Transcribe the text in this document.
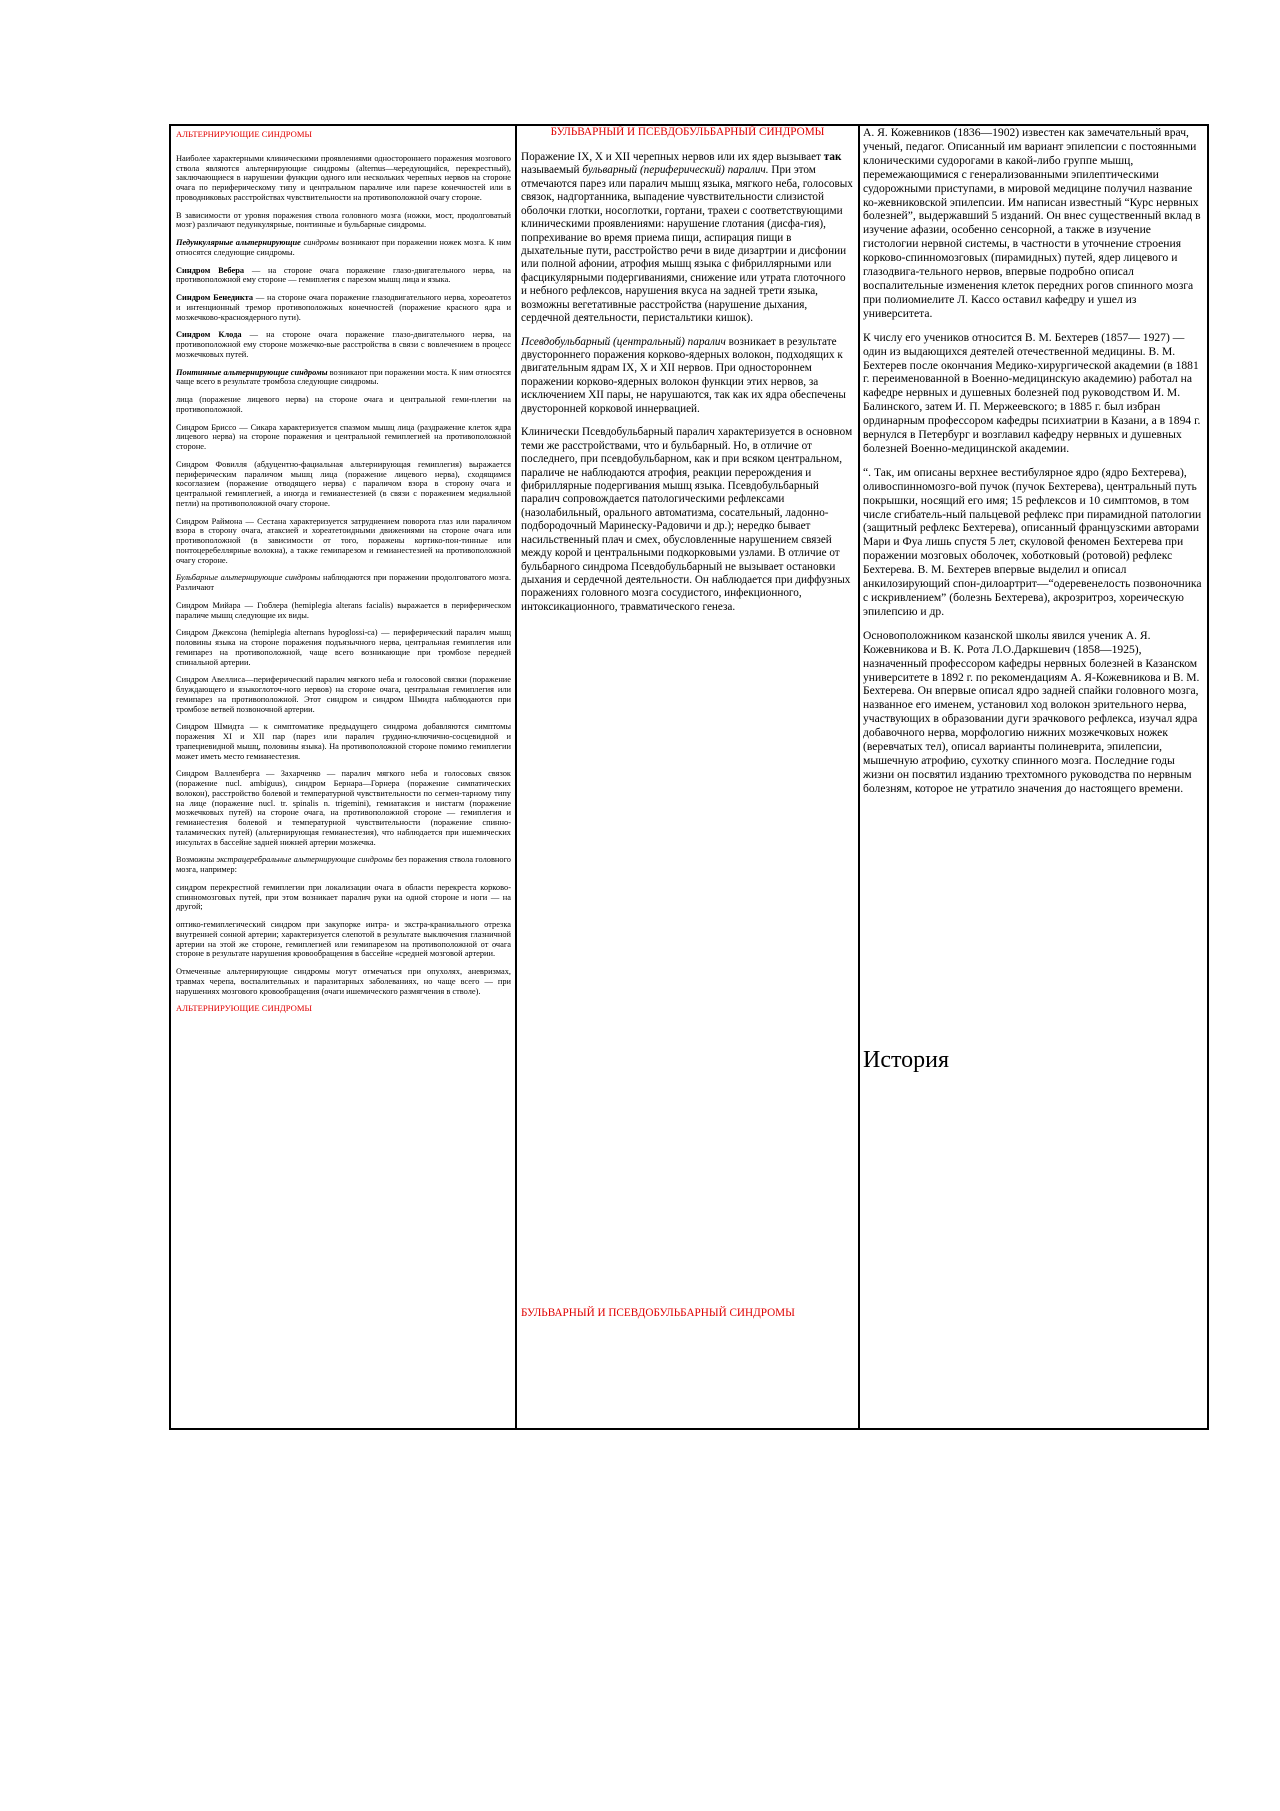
АЛЬТЕРНИРУЮЩИЕ СИНДРОМЫ

Наиболее характерными клиническими проявлениями одностороннего поражения мозгового ствола являются альтернирующие синдромы (alternus—чередующийся, перекрестный), заключающиеся в нарушении функции одного или нескольких черепных нервов на стороне очага по периферическому типу и центральном параличе или парезе конечностей или в проводниковых расстройствах чувствительности на противоположной очагу стороне.

В зависимости от уровня поражения ствола головного мозга (ножки, мост, продолговатый мозг) различают педункулярные, понтинные и бульбарные синдромы.

Педункулярные альтернирующие синдромы возникают при поражении ножек мозга. К ним относятся следующие синдромы.

Синдром Вебера — на стороне очага поражение глазо-двигательного нерва, на противоположной ему стороне — гемиплегия с парезом мышц лица и языка.

Синдром Бенедикта — на стороне очага поражение глазодвигательного нерва, хореоатетоз и интенционный тремор противоположных конечностей (поражение красного ядра и мозжечково-красноядерного пути).

Синдром Клода — на стороне очага поражение глазо-двигательного нерва, на противоположной ему стороне мозжечко-вые расстройства в связи с вовлечением в процесс мозжечковых путей.

Понтинные альтернирующие синдромы возникают при поражении моста. К ним относятся чаще всего в результате тромбоза следующие синдромы.

лица (поражение лицевого нерва) на стороне очага и центральной геми-плегии на противоположной.

Синдром Бриссо — Сикара характеризуется спазмом мышц лица (раздражение клеток ядра лицевого нерва) на стороне поражения и центральной гемиплегией на противоположной стороне.

Синдром Фовилля (абдуцентно-фациальная альтернирующая гемиплегия) выражается периферическим параличом мышц лица (поражение лицевого нерва), сходящимся косоглазием (поражение отводящего нерва) с параличом взора в сторону очага и центральной гемиплегией, а иногда и гемианестезией (в связи с поражением медиальной петли) на противоположной очагу стороне.

Синдром Раймона — Сестана характеризуется затруднением поворота глаз или параличом взора в сторону очага, атаксией и хореатетоидными движениями на стороне очага или противоположной (в зависимости от того, поражены кортико-пон-тинные или понтоцеребеллярные волокна), а также гемипарезом и гемианестезией на противоположной очагу стороне.

Бульбарные альтернирующие синдромы наблюдаются при поражении продолговатого мозга. Различают

Синдром Мийара — Гюблера (hemiplegia alterans facialis) выражается в периферическом параличе мышц следующие их виды.

Синдром Джексона (hemiplegia alternans hypoglossi-ca) — периферический паралич мышц половины языка на стороне поражения подъязычного нерва, центральная гемиплегия или гемипарез на противоположной, чаще всего возникающие при тромбозе передней спинальной артерии.

Синдром Авеллиса—периферический паралич мягкого неба и голосовой связки (поражение блуждающего и языкоглоточ-ного нервов) на стороне очага, центральная гемиплегия или гемипарез на противоположной. Этот синдром и синдром Шмидта наблюдаются при тромбозе ветвей позвоночной артерии.

Синдром Шмидта — к симптоматике предыдущего синдрома добавляются симптомы поражения XI и XII пар (парез или паралич грудино-ключично-сосцевидной и трапециевидной мышц, половины языка). На противоположной стороне помимо гемиплегии может иметь место гемианестезия.

Синдром Валленберга — Захарченко — паралич мягкого неба и голосовых связок (поражение nucl. ambiguus), синдром Бернара—Горнера (поражение симпатических волокон), расстройство болевой и температурной чувствительности по сегмен-тарному типу на лице (поражение nucl. tr. spinalis n. trigemini), гемиатаксия и нистагм (поражение мозжечковых путей) на стороне очага, на противоположной стороне — гемиплегия и гемианестезия болевой и температурной чувствительности (поражение спинно-таламических путей) (альтернирующая гемианестезия), что наблюдается при ишемических инсультах в бассейне задней нижней артерии мозжечка.

Возможны экстрацеребральные альтернирующие синдромы без поражения ствола головного мозга, например:

синдром перекрестной гемиплегии при локализации очага в области перекреста корково-спинномозговых путей, при этом возникает паралич руки на одной стороне и ноги — на другой;

оптико-гемиплегический синдром при закупорке интра- и экстра-краниального отрезка внутренней сонной артерии; характеризуется слепотой в результате выключения глазничной артерии на этой же стороне, гемиплегией или гемипарезом на противоположной от очага стороне в результате нарушения кровообращения в бассейне «средней мозговой артерии.

Отмеченные альтернирующие синдромы могут отмечаться при опухолях, аневризмах, травмах черепа, воспалительных и паразитарных заболеваниях, но чаще всего — при нарушениях мозгового кровообращения (очаги ишемического размягчения в стволе).

АЛЬТЕРНИРУЮЩИЕ СИНДРОМЫ
БУЛЬВАРНЫЙ И ПСЕВДОБУЛЬБАРНЫЙ СИНДРОМЫ

Поражение IX, X и XII черепных нервов или их ядер вызывает так называемый бульварный (периферический) паралич. При этом отмечаются парез или паралич мышц языка, мягкого неба, голосовых связок, надгортанника, выпадение чувствительности слизистой оболочки глотки, носоглотки, гортани, трахеи с соответствующими клиническими проявлениями: нарушение глотания (дисфа-гия), попрехивание во время приема пищи, аспирация пищи в дыхательные пути, расстройство речи в виде дизартрии и дисфонии или полной афонии, атрофия мышц языка с фибриллярными или фасцикулярными подергиваниями, снижение или утрата глоточного и небного рефлексов, нарушения вкуса на задней трети языка, возможны вегетативные расстройства (нарушение дыхания, сердечной деятельности, перистальтики кишок).

Псевдобульбарный (центральный) паралич возникает в результате двустороннего поражения корково-ядерных волокон, подходящих к двигательным ядрам IX, X и XII нервов. При одностороннем поражении корково-ядерных волокон функции этих нервов, за исключением XII пары, не нарушаются, так как их ядра обеспечены двусторонней корковой иннервацией.

Клинически Псевдобульбарный паралич характеризуется в основном теми же расстройствами, что и бульбарный. Но, в отличие от последнего, при псевдобульбарном, как и при всяком центральном, параличе не наблюдаются атрофия, реакции перерождения и фибриллярные подергивания мышц языка. Псевдобульбарный паралич сопровождается патологическими рефлексами (назолабильный, орального автоматизма, сосательный, ладонно-подбородочный Маринеску-Радовичи и др.); нередко бывает насильственный плач и смех, обусловленные нарушением связей между корой и центральными подкорковыми узлами. В отличие от бульбарного синдрома Псевдобульбарный не вызывает остановки дыхания и сердечной деятельности. Он наблюдается при диффузных поражениях головного мозга сосудистого, инфекционного, интоксикационного, травматического генеза.

БУЛЬВАРНЫЙ И ПСЕВДОБУЛЬБАРНЫЙ СИНДРОМЫ

А. Я. Кожевников (1836—1902) известен как замечательный врач, ученый, педагог. Описанный им вариант эпилепсии с постоянными клоническими судорогами в какой-либо группе мышц, перемежающимися с генерализованными эпилептическими судорожными приступами, в мировой медицине получил название ко-жевниковской эпилепсии. Им написан известный “Курс нервных болезней”, выдержавший 5 изданий. Он внес существенный вклад в изучение афазии, особенно сенсорной, а также в изучение гистологии нервной системы, в частности в уточнение строения корково-спинномозговых (пирамидных) путей, ядер лицевого и глазодвига-тельного нервов, впервые подробно описал воспалительные изменения клеток передних рогов спинного мозга при полиомиелите Л. Кассо оставил кафедру и ушел из университета.

К числу его учеников относится В. М. Бехтерев (1857— 1927) — один из выдающихся деятелей отечественной медицины. В. М. Бехтерев после окончания Медико-хирургической академии (в 1881 г. переименованной в Военно-медицинскую академию) работал на кафедре нервных и душевных болезней под руководством И. М. Балинского, затем И. П. Мержеевского; в 1885 г. был избран ординарным профессором кафедры психиатрии в Казани, а в 1894 г. вернулся в Петербург и возглавил кафедру нервных и душевных болезней Военно-медицинской академии.

“. Так, им описаны верхнее вестибулярное ядро (ядро Бехтерева), оливоспинномозго-вой пучок (пучок Бехтерева), центральный путь покрышки, носящий его имя; 15 рефлексов и 10 симптомов, в том числе сгибатель-ный пальцевой рефлекс при пирамидной патологии (защитный рефлекс Бехтерева), описанный французскими авторами Мари и Фуа лишь спустя 5 лет, скуловой феномен Бехтерева при поражении мозговых оболочек, хоботковый (ротовой) рефлекс Бехтерева. В. М. Бехтерев впервые выделил и описал анкилозирующий спон-дилоартрит—“одеревенелость позвоночника с искривлением” (болезнь Бехтерева), акрозритроз, хореическую эпилепсию и др.

Основоположником казанской школы явился ученик А. Я. Кожевникова и В. К. Рота Л.О.Даркшевич (1858—1925), назначенный профессором кафедры нервных болезней в Казанском университете в 1892 г. по рекомендациям А. Я-Кожевникова и В. М. Бехтерева. Он впервые описал ядро задней спайки головного мозга, названное его именем, установил ход волокон зрительного нерва, участвующих в образовании дуги зрачкового рефлекса, изучал ядра добавочного нерва, морфологию нижних мозжечковых ножек (веревчатых тел), описал варианты полиневрита, эпилепсии, мышечную атрофию, сухотку спинного мозга. Последние годы жизни он посвятил изданию трехтомного руководства по нервным болезням, которое не утратило значения до настоящего времени.

История
